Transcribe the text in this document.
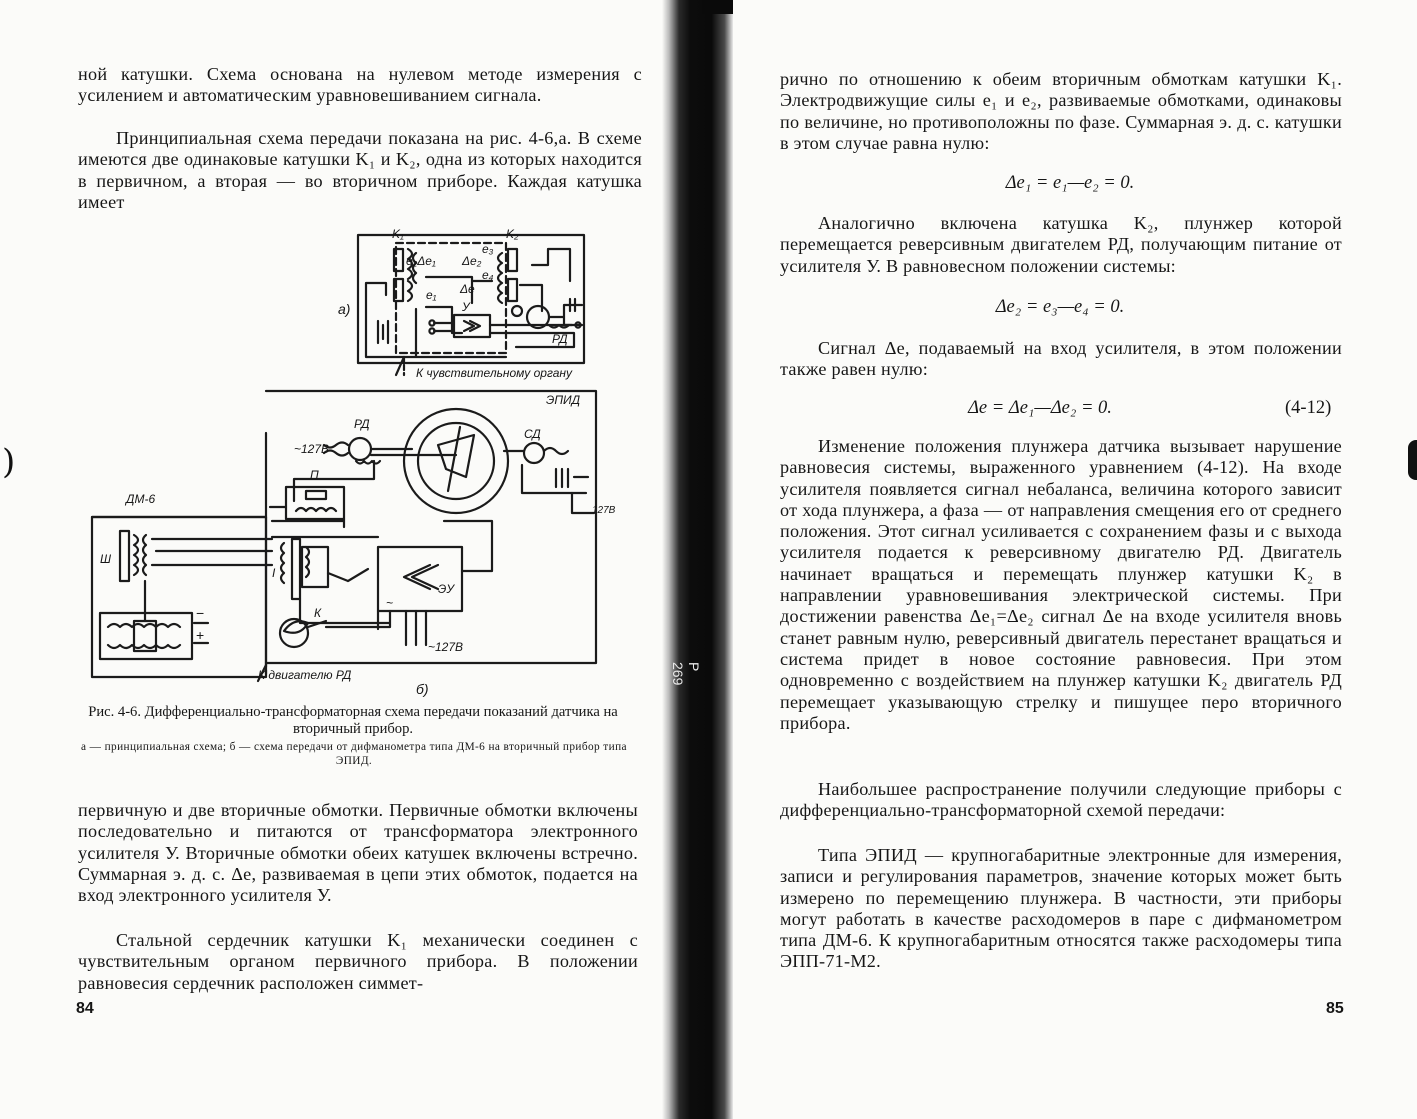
P 269
)

ной катушки. Схема основана на нулевом методе измерения с усилением и автоматическим уравновешиванием сигнала.

Принципиальная схема передачи показана на рис. 4-6,а. В схеме имеются две одинаковые катушки K₁ и K₂, одна из которых находится в первичном, а вторая — во вторичном приборе. Каждая катушка имеет

K₁	K₂
e₂Δe₁ Δe₂
e₃
e₁
e₄
Δe
У
РД
а)
К чувствительному органу
ЭПИД
РД
СД
~127В
П
127В
ДМ-6
Ш
I
ЭУ
К
−
+
~
~127В
К двигателю РД
б)

Рис. 4-6. Дифференциально-трансформаторная схема передачи показаний датчика на вторичный прибор.

а — принципиальная схема; б — схема передачи от дифманометра типа ДМ-6 на вторичный прибор типа ЭПИД.

первичную и две вторичные обмотки. Первичные обмотки включены последовательно и питаются от трансформатора электронного усилителя У. Вторичные обмотки обеих катушек включены встречно. Суммарная э. д. с. Δe, развиваемая в цепи этих обмоток, подается на вход электронного усилителя У.

Стальной сердечник катушки K₁ механически соединен с чувствительным органом первичного прибора. В положении равновесия сердечник расположен симмет-

84

рично по отношению к обеим вторичным обмоткам катушки K₁. Электродвижущие силы e₁ и e₂, развиваемые обмотками, одинаковы по величине, но противоположны по фазе. Суммарная э. д. с. катушки в этом случае равна нулю:

Δe₁ = e₁—e₂ = 0.

Аналогично включена катушка K₂, плунжер которой перемещается реверсивным двигателем РД, получающим питание от усилителя У. В равновесном положении системы:

Δe₂ = e₃—e₄ = 0.

Сигнал Δe, подаваемый на вход усилителя, в этом положении также равен нулю:

Δe = Δe₁—Δe₂ = 0.	(4-12)

Изменение положения плунжера датчика вызывает нарушение равновесия системы, выраженного уравнением (4-12). На входе усилителя появляется сигнал небаланса, величина которого зависит от хода плунжера, а фаза — от направления смещения его от среднего положения. Этот сигнал усиливается с сохранением фазы и с выхода усилителя подается к реверсивному двигателю РД. Двигатель начинает вращаться и перемещать плунжер катушки K₂ в направлении уравновешивания электрической системы. При достижении равенства Δe₁=Δe₂ сигнал Δe на входе усилителя вновь станет равным нулю, реверсивный двигатель перестанет вращаться и система придет в новое состояние равновесия. При этом одновременно с воздействием на плунжер катушки K₂ двигатель РД перемещает указывающую стрелку и пишущее перо вторичного прибора.

Наибольшее распространение получили следующие приборы с дифференциально-трансформаторной схемой передачи:

Типа ЭПИД — крупногабаритные электронные для измерения, записи и регулирования параметров, значение которых может быть измерено по перемещению плунжера. В частности, эти приборы могут работать в качестве расходомеров в паре с дифманометром типа ДМ-6. К крупногабаритным относятся также расходомеры типа ЭПП-71-М2.

85
